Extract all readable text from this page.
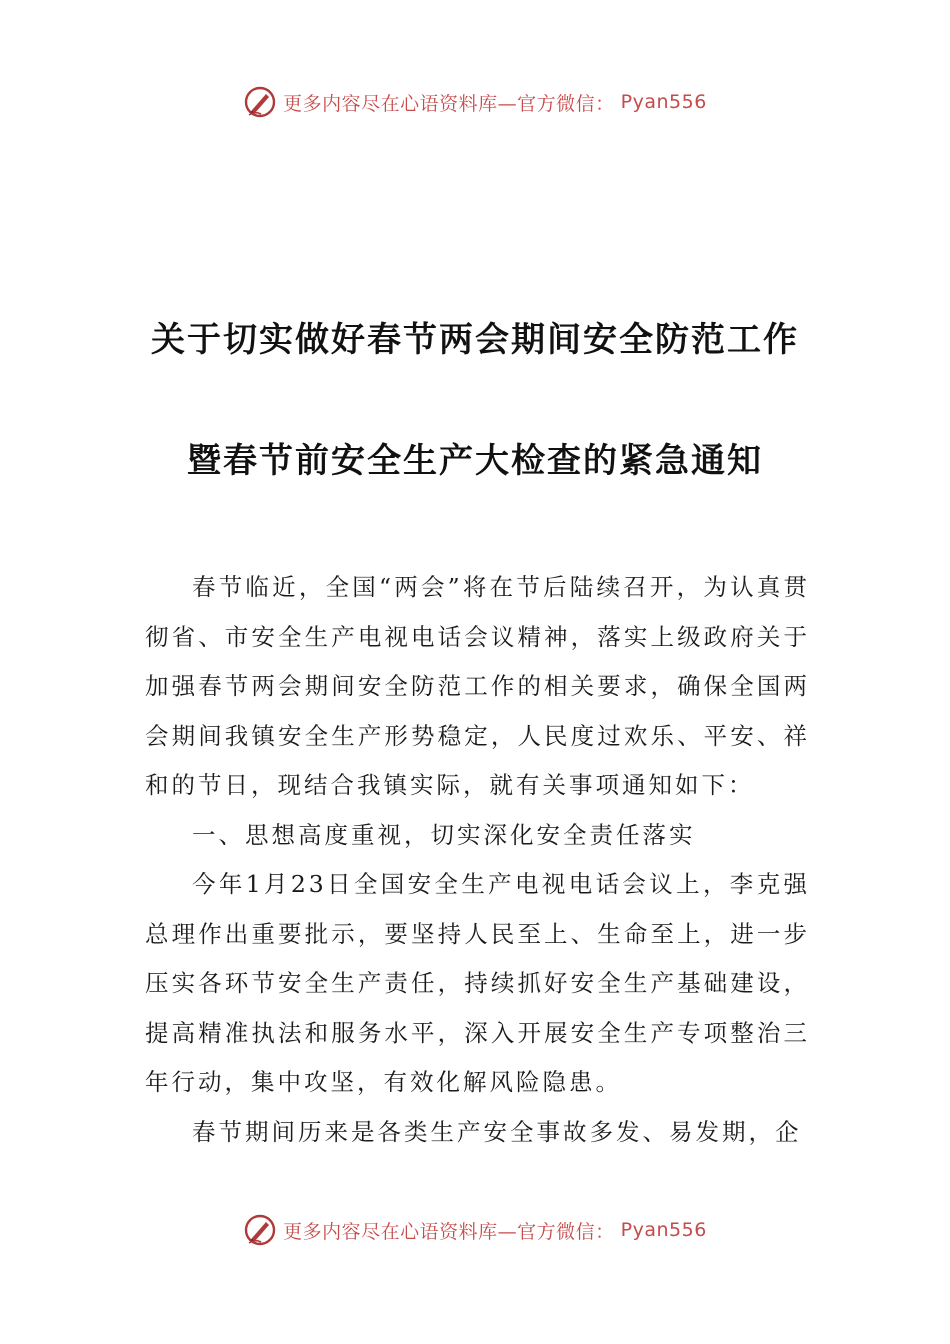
更多内容尽在心语资料库—官方微信： Pyan556
关于切实做好春节两会期间安全防范工作
暨春节前安全生产大检查的紧急通知

春节临近，全国“两会”将在节后陆续召开，为认真贯彻省、市安全生产电视电话会议精神，落实上级政府关于加强春节两会期间安全防范工作的相关要求，确保全国两会期间我镇安全生产形势稳定，人民度过欢乐、平安、祥和的节日，现结合我镇实际，就有关事项通知如下：

一、思想高度重视，切实深化安全责任落实

今年1月23日全国安全生产电视电话会议上，李克强总理作出重要批示，要坚持人民至上、生命至上，进一步压实各环节安全生产责任，持续抓好安全生产基础建设，提高精准执法和服务水平，深入开展安全生产专项整治三年行动，集中攻坚，有效化解风险隐患。

春节期间历来是各类生产安全事故多发、易发期，企

更多内容尽在心语资料库—官方微信： Pyan556
